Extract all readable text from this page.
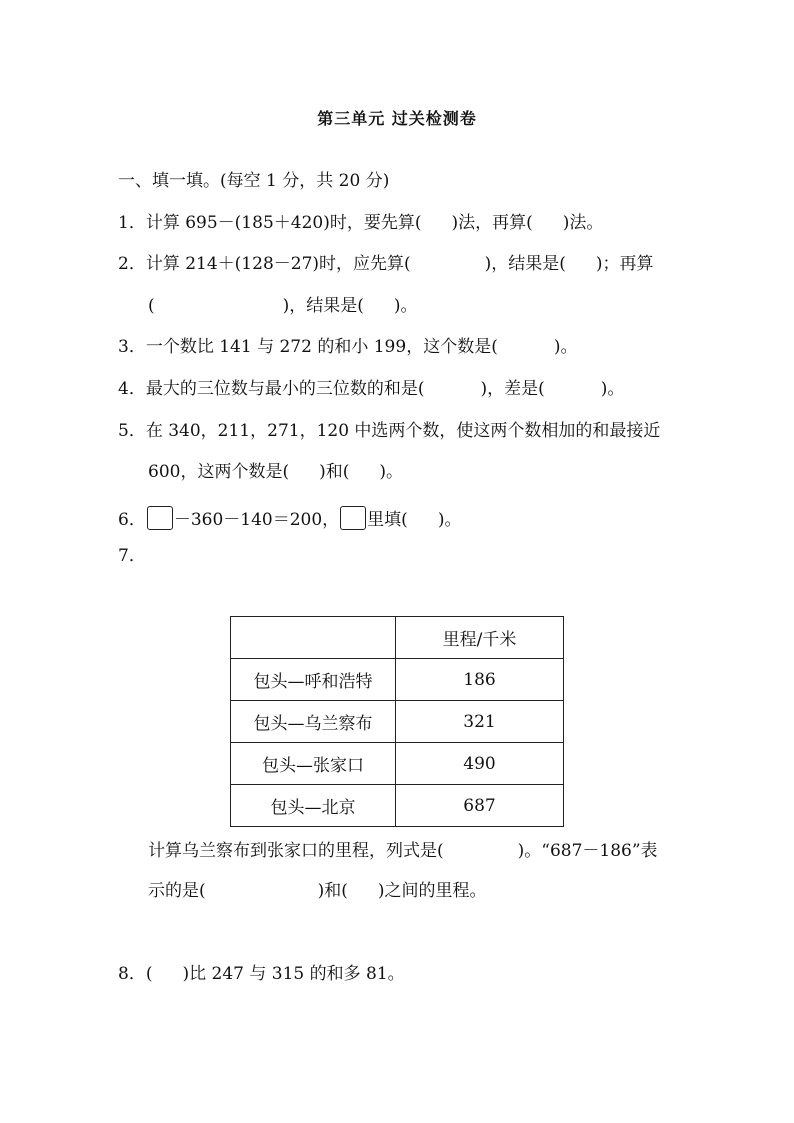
第三单元 过关检测卷
一、填一填。(每空 1 分，共 20 分)
1．计算 695－(185＋420)时，要先算( )法，再算( )法。
2．计算 214＋(128－27)时，应先算(	)，结果是( )；再算
(	)，结果是( )。
3．一个数比 141 与 272 的和小 199，这个数是(	)。
4．最大的三位数与最小的三位数的和是(	)，差是(	)。
5．在 340，211，271，120 中选两个数，使这两个数相加的和最接近
600，这两个数是( )和( )。
6． －360－140＝200， 里填( )。
7．
	里程/千米
包头—呼和浩特	186
包头—乌兰察布	321
包头—张家口	490
包头—北京	687
计算乌兰察布到张家口的里程，列式是(	)。“687－186”表
示的是(	)和( )之间的里程。
8．( )比 247 与 315 的和多 81。
